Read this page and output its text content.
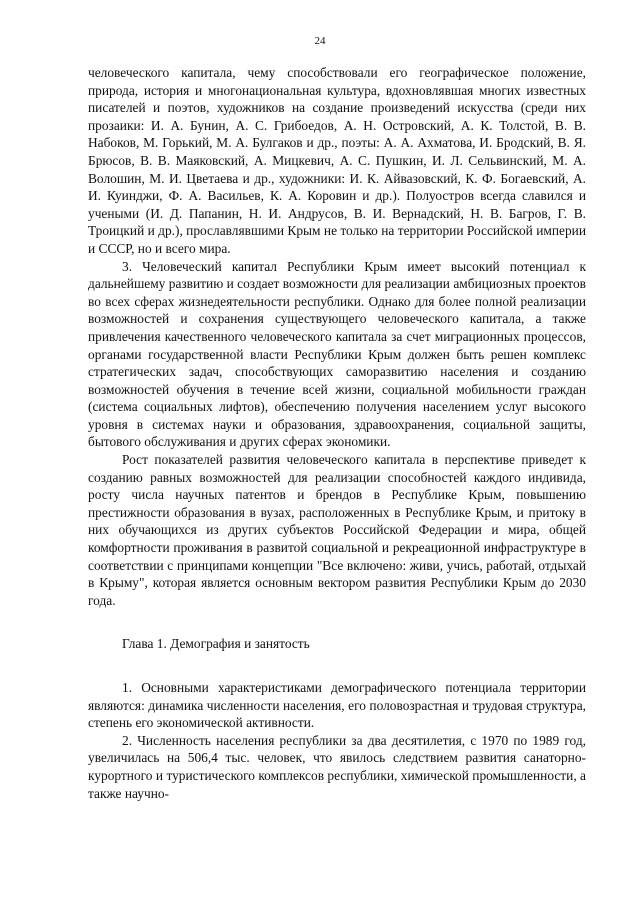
24

человеческого капитала, чему способствовали его географическое положение, природа, история и многонациональная культура, вдохновлявшая многих известных писателей и поэтов, художников на создание произведений искусства (среди них прозаики: И. А. Бунин, А. С. Грибоедов, А. Н. Островский, А. К. Толстой, В. В. Набоков, М. Горький, М. А. Булгаков и др., поэты: А. А. Ахматова, И. Бродский, В. Я. Брюсов, В. В. Маяковский, А. Мицкевич, А. С. Пушкин, И. Л. Сельвинский, М. А. Волошин, М. И. Цветаева и др., художники: И. К. Айвазовский, К. Ф. Богаевский, А. И. Куинджи, Ф. А. Васильев, К. А. Коровин и др.). Полуостров всегда славился и учеными (И. Д. Папанин, Н. И. Андрусов, В. И. Вернадский, Н. В. Багров, Г. В. Троицкий и др.), прославлявшими Крым не только на территории Российской империи и СССР, но и всего мира.

3. Человеческий капитал Республики Крым имеет высокий потенциал к дальнейшему развитию и создает возможности для реализации амбициозных проектов во всех сферах жизнедеятельности республики. Однако для более полной реализации возможностей и сохранения существующего человеческого капитала, а также привлечения качественного человеческого капитала за счет миграционных процессов, органами государственной власти Республики Крым должен быть решен комплекс стратегических задач, способствующих саморазвитию населения и созданию возможностей обучения в течение всей жизни, социальной мобильности граждан (система социальных лифтов), обеспечению получения населением услуг высокого уровня в системах науки и образования, здравоохранения, социальной защиты, бытового обслуживания и других сферах экономики.

Рост показателей развития человеческого капитала в перспективе приведет к созданию равных возможностей для реализации способностей каждого индивида, росту числа научных патентов и брендов в Республике Крым, повышению престижности образования в вузах, расположенных в Республике Крым, и притоку в них обучающихся из других субъектов Российской Федерации и мира, общей комфортности проживания в развитой социальной и рекреационной инфраструктуре в соответствии с принципами концепции "Все включено: живи, учись, работай, отдыхай в Крыму", которая является основным вектором развития Республики Крым до 2030 года.

Глава 1. Демография и занятость

1. Основными характеристиками демографического потенциала территории являются: динамика численности населения, его половозрастная и трудовая структура, степень его экономической активности.

2. Численность населения республики за два десятилетия, с 1970 по 1989 год, увеличилась на 506,4 тыс. человек, что явилось следствием развития санаторно-курортного и туристического комплексов республики, химической промышленности, а также научно-
